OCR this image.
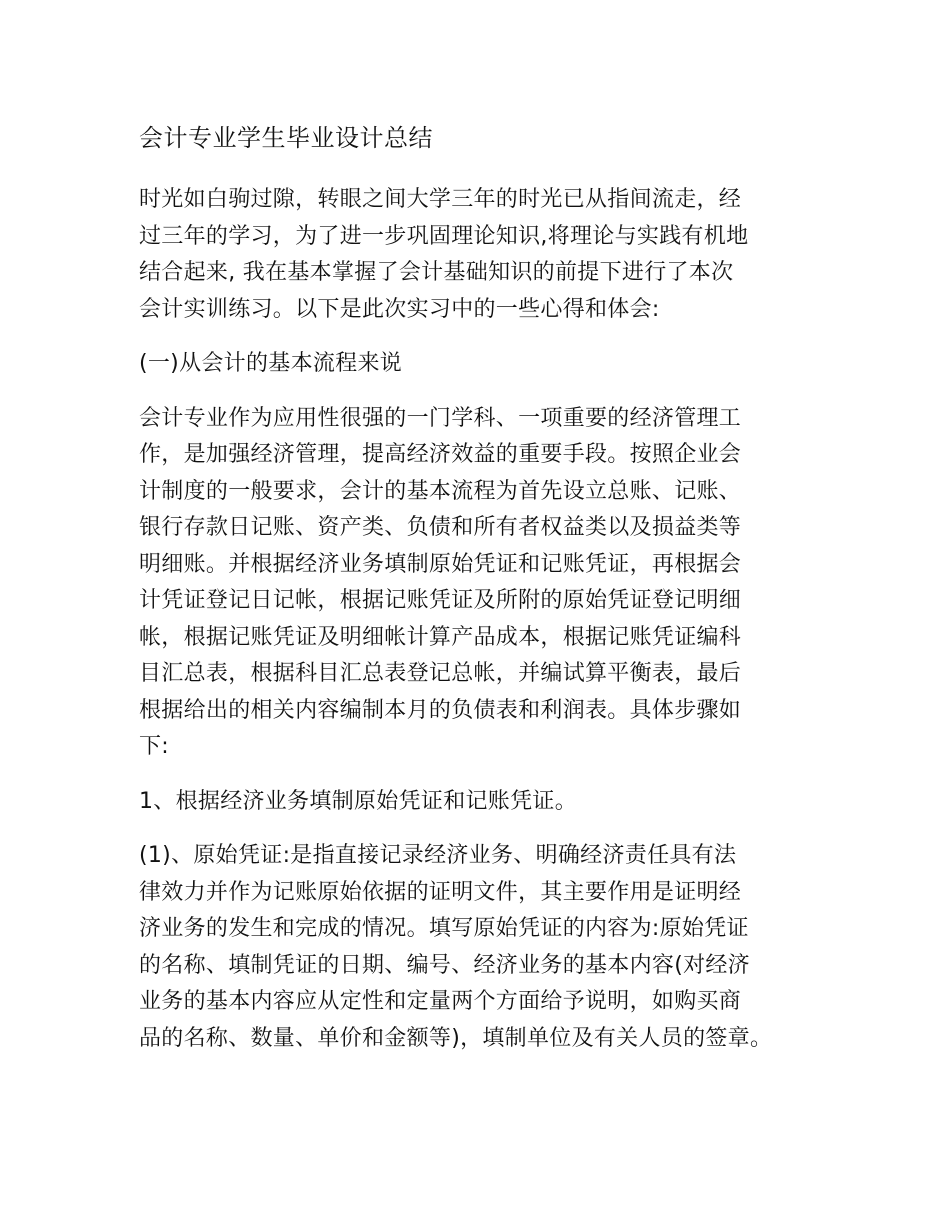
会计专业学生毕业设计总结
时光如白驹过隙，转眼之间大学三年的时光已从指间流走，经
过三年的学习，为了进一步巩固理论知识,将理论与实践有机地
结合起来, 我在基本掌握了会计基础知识的前提下进行了本次
会计实训练习。以下是此次实习中的一些心得和体会:
(一)从会计的基本流程来说
会计专业作为应用性很强的一门学科、一项重要的经济管理工
作，是加强经济管理，提高经济效益的重要手段。按照企业会
计制度的一般要求，会计的基本流程为首先设立总账、记账、
银行存款日记账、资产类、负债和所有者权益类以及损益类等
明细账。并根据经济业务填制原始凭证和记账凭证，再根据会
计凭证登记日记帐，根据记账凭证及所附的原始凭证登记明细
帐，根据记账凭证及明细帐计算产品成本，根据记账凭证编科
目汇总表，根据科目汇总表登记总帐，并编试算平衡表，最后
根据给出的相关内容编制本月的负债表和利润表。具体步骤如
下:
1、根据经济业务填制原始凭证和记账凭证。
(1)、原始凭证:是指直接记录经济业务、明确经济责任具有法
律效力并作为记账原始依据的证明文件，其主要作用是证明经
济业务的发生和完成的情况。填写原始凭证的内容为:原始凭证
的名称、填制凭证的日期、编号、经济业务的基本内容(对经济
业务的基本内容应从定性和定量两个方面给予说明，如购买商
品的名称、数量、单价和金额等)，填制单位及有关人员的签章。
